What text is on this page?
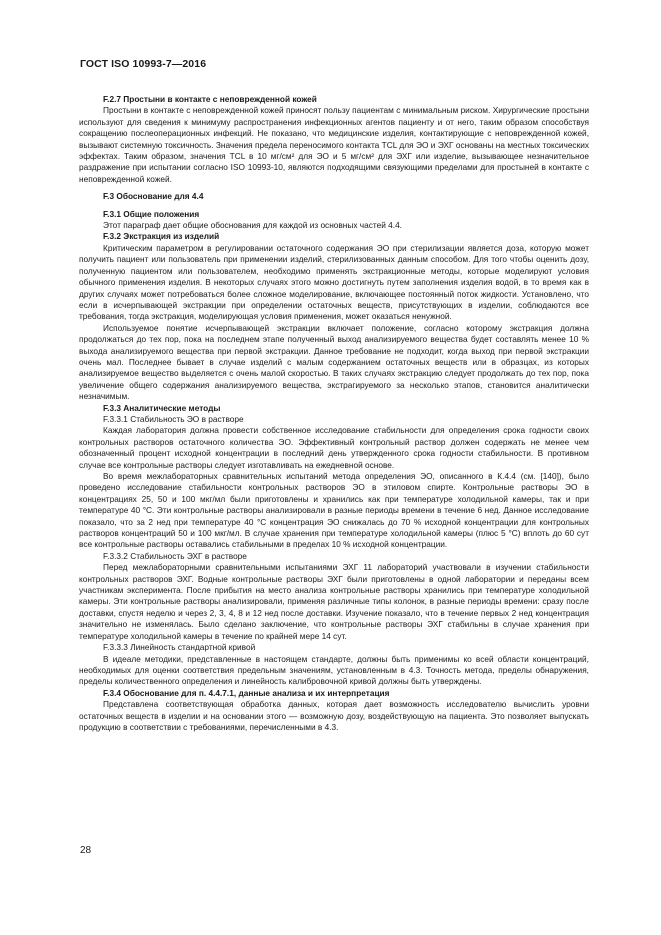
ГОСТ ISO 10993-7—2016

F.2.7 Простыни в контакте с неповрежденной кожей

Простыни в контакте с неповрежденной кожей приносят пользу пациентам с минимальным риском. Хирургические простыни используют для сведения к минимуму распространения инфекционных агентов пациенту и от него, таким образом способствуя сокращению послеоперационных инфекций. Не показано, что медицинские изделия, контактирующие с неповрежденной кожей, вызывают системную токсичность. Значения предела переносимого контакта TCL для ЭО и ЭХГ основаны на местных токсических эффектах. Таким образом, значения TCL в 10 мг/см² для ЭО и 5 мг/см² для ЭХГ или изделие, вызывающее незначительное раздражение при испытании согласно ISO 10993-10, являются подходящими связующими пределами для простыней в контакте с неповрежденной кожей.

F.3 Обоснование для 4.4

F.3.1 Общие положения

Этот параграф дает общие обоснования для каждой из основных частей 4.4.

F.3.2 Экстракция из изделий

Критическим параметром в регулировании остаточного содержания ЭО при стерилизации является доза, которую может получить пациент или пользователь при применении изделий, стерилизованных данным способом. Для того чтобы оценить дозу, полученную пациентом или пользователем, необходимо применять экстракционные методы, которые моделируют условия обычного применения изделия. В некоторых случаях этого можно достигнуть путем заполнения изделия водой, в то время как в других случаях может потребоваться более сложное моделирование, включающее постоянный поток жидкости. Установлено, что если в исчерпывающей экстракции при определении остаточных веществ, присутствующих в изделии, соблюдаются все требования, тогда экстракция, моделирующая условия применения, может оказаться ненужной.

Используемое понятие исчерпывающей экстракции включает положение, согласно которому экстракция должна продолжаться до тех пор, пока на последнем этапе полученный выход анализируемого вещества будет составлять менее 10 % выхода анализируемого вещества при первой экстракции. Данное требование не подходит, когда выход при первой экстракции очень мал. Последнее бывает в случае изделий с малым содержанием остаточных веществ или в образцах, из которых анализируемое вещество выделяется с очень малой скоростью. В таких случаях экстракцию следует продолжать до тех пор, пока увеличение общего содержания анализируемого вещества, экстрагируемого за несколько этапов, становится аналитически незначимым.

F.3.3 Аналитические методы

F.3.3.1 Стабильность ЭО в растворе

Каждая лаборатория должна провести собственное исследование стабильности для определения срока годности своих контрольных растворов остаточного количества ЭО. Эффективный контрольный раствор должен содержать не менее чем обозначенный процент исходной концентрации в последний день утвержденного срока годности стабильности. В противном случае все контрольные растворы следует изготавливать на ежедневной основе.

Во время межлабораторных сравнительных испытаний метода определения ЭО, описанного в К.4.4 (см. [140]), было проведено исследование стабильности контрольных растворов ЭО в этиловом спирте. Контрольные растворы ЭО в концентрациях 25, 50 и 100 мкг/мл были приготовлены и хранились как при температуре холодильной камеры, так и при температуре 40 °С. Эти контрольные растворы анализировали в разные периоды времени в течение 6 нед. Данное исследование показало, что за 2 нед при температуре 40 °С концентрация ЭО снижалась до 70 % исходной концентрации для контрольных растворов концентраций 50 и 100 мкг/мл. В случае хранения при температуре холодильной камеры (плюс 5 °С) вплоть до 60 сут все контрольные растворы оставались стабильными в пределах 10 % исходной концентрации.

F.3.3.2 Стабильность ЭХГ в растворе

Перед межлабораторными сравнительными испытаниями ЭХГ 11 лабораторий участвовали в изучении стабильности контрольных растворов ЭХГ. Водные контрольные растворы ЭХГ были приготовлены в одной лаборатории и переданы всем участникам эксперимента. После прибытия на место анализа контрольные растворы хранились при температуре холодильной камеры. Эти контрольные растворы анализировали, применяя различные типы колонок, в разные периоды времени: сразу после доставки, спустя неделю и через 2, 3, 4, 8 и 12 нед после доставки. Изучение показало, что в течение первых 2 нед концентрация значительно не изменялась. Было сделано заключение, что контрольные растворы ЭХГ стабильны в случае хранения при температуре холодильной камеры в течение по крайней мере 14 сут.

F.3.3.3 Линейность стандартной кривой

В идеале методики, представленные в настоящем стандарте, должны быть применимы ко всей области концентраций, необходимых для оценки соответствия предельным значениям, установленным в 4.3. Точность метода, пределы обнаружения, пределы количественного определения и линейность калибровочной кривой должны быть утверждены.

F.3.4 Обоснование для п. 4.4.7.1, данные анализа и их интерпретация

Представлена соответствующая обработка данных, которая дает возможность исследователю вычислить уровни остаточных веществ в изделии и на основании этого — возможную дозу, воздействующую на пациента. Это позволяет выпускать продукцию в соответствии с требованиями, перечисленными в 4.3.

28
